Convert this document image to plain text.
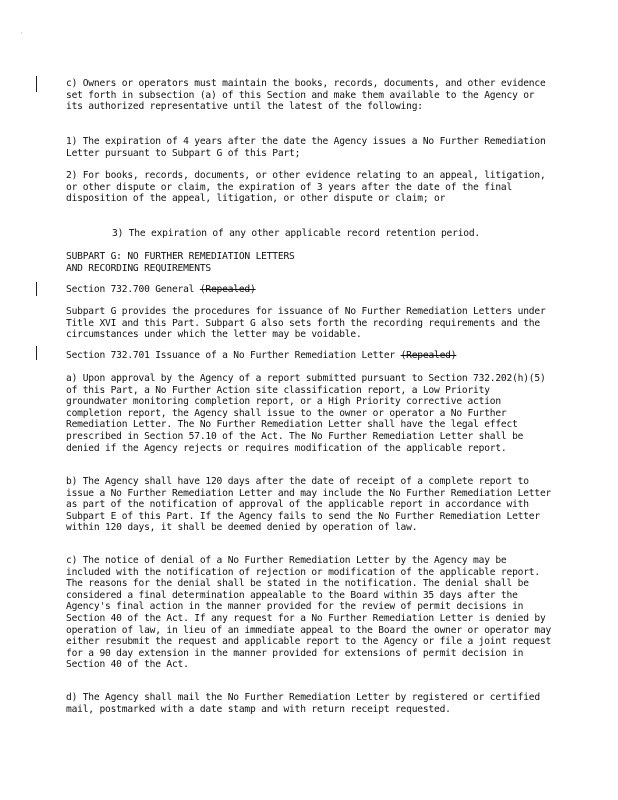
·

c) Owners or operators must maintain the books, records, documents, and other evidence set forth in subsection (a) of this Section and make them available to the Agency or its authorized representative until the latest of the following:

1) The expiration of 4 years after the date the Agency issues a No Further Remediation Letter pursuant to Subpart G of this Part;

2) For books, records, documents, or other evidence relating to an appeal, litigation, or other dispute or claim, the expiration of 3 years after the date of the final disposition of the appeal, litigation, or other dispute or claim; or

3) The expiration of any other applicable record retention period.

SUBPART G: NO FURTHER REMEDIATION LETTERS

AND RECORDING REQUIREMENTS

Section 732.700 General (Repealed)

Subpart G provides the procedures for issuance of No Further Remediation Letters under Title XVI and this Part. Subpart G also sets forth the recording requirements and the circumstances under which the letter may be voidable.

Section 732.701 Issuance of a No Further Remediation Letter (Repealed)

a) Upon approval by the Agency of a report submitted pursuant to Section 732.202(h)(5) of this Part, a No Further Action site classification report, a Low Priority groundwater monitoring completion report, or a High Priority corrective action completion report, the Agency shall issue to the owner or operator a No Further Remediation Letter. The No Further Remediation Letter shall have the legal effect prescribed in Section 57.10 of the Act. The No Further Remediation Letter shall be denied if the Agency rejects or requires modification of the applicable report.

b) The Agency shall have 120 days after the date of receipt of a complete report to issue a No Further Remediation Letter and may include the No Further Remediation Letter as part of the notification of approval of the applicable report in accordance with Subpart E of this Part. If the Agency fails to send the No Further Remediation Letter within 120 days, it shall be deemed denied by operation of law.

c) The notice of denial of a No Further Remediation Letter by the Agency may be included with the notification of rejection or modification of the applicable report. The reasons for the denial shall be stated in the notification. The denial shall be considered a final determination appealable to the Board within 35 days after the Agency's final action in the manner provided for the review of permit decisions in Section 40 of the Act. If any request for a No Further Remediation Letter is denied by operation of law, in lieu of an immediate appeal to the Board the owner or operator may either resubmit the request and applicable report to the Agency or file a joint request for a 90 day extension in the manner provided for extensions of permit decision in Section 40 of the Act.

d) The Agency shall mail the No Further Remediation Letter by registered or certified mail, postmarked with a date stamp and with return receipt requested.
